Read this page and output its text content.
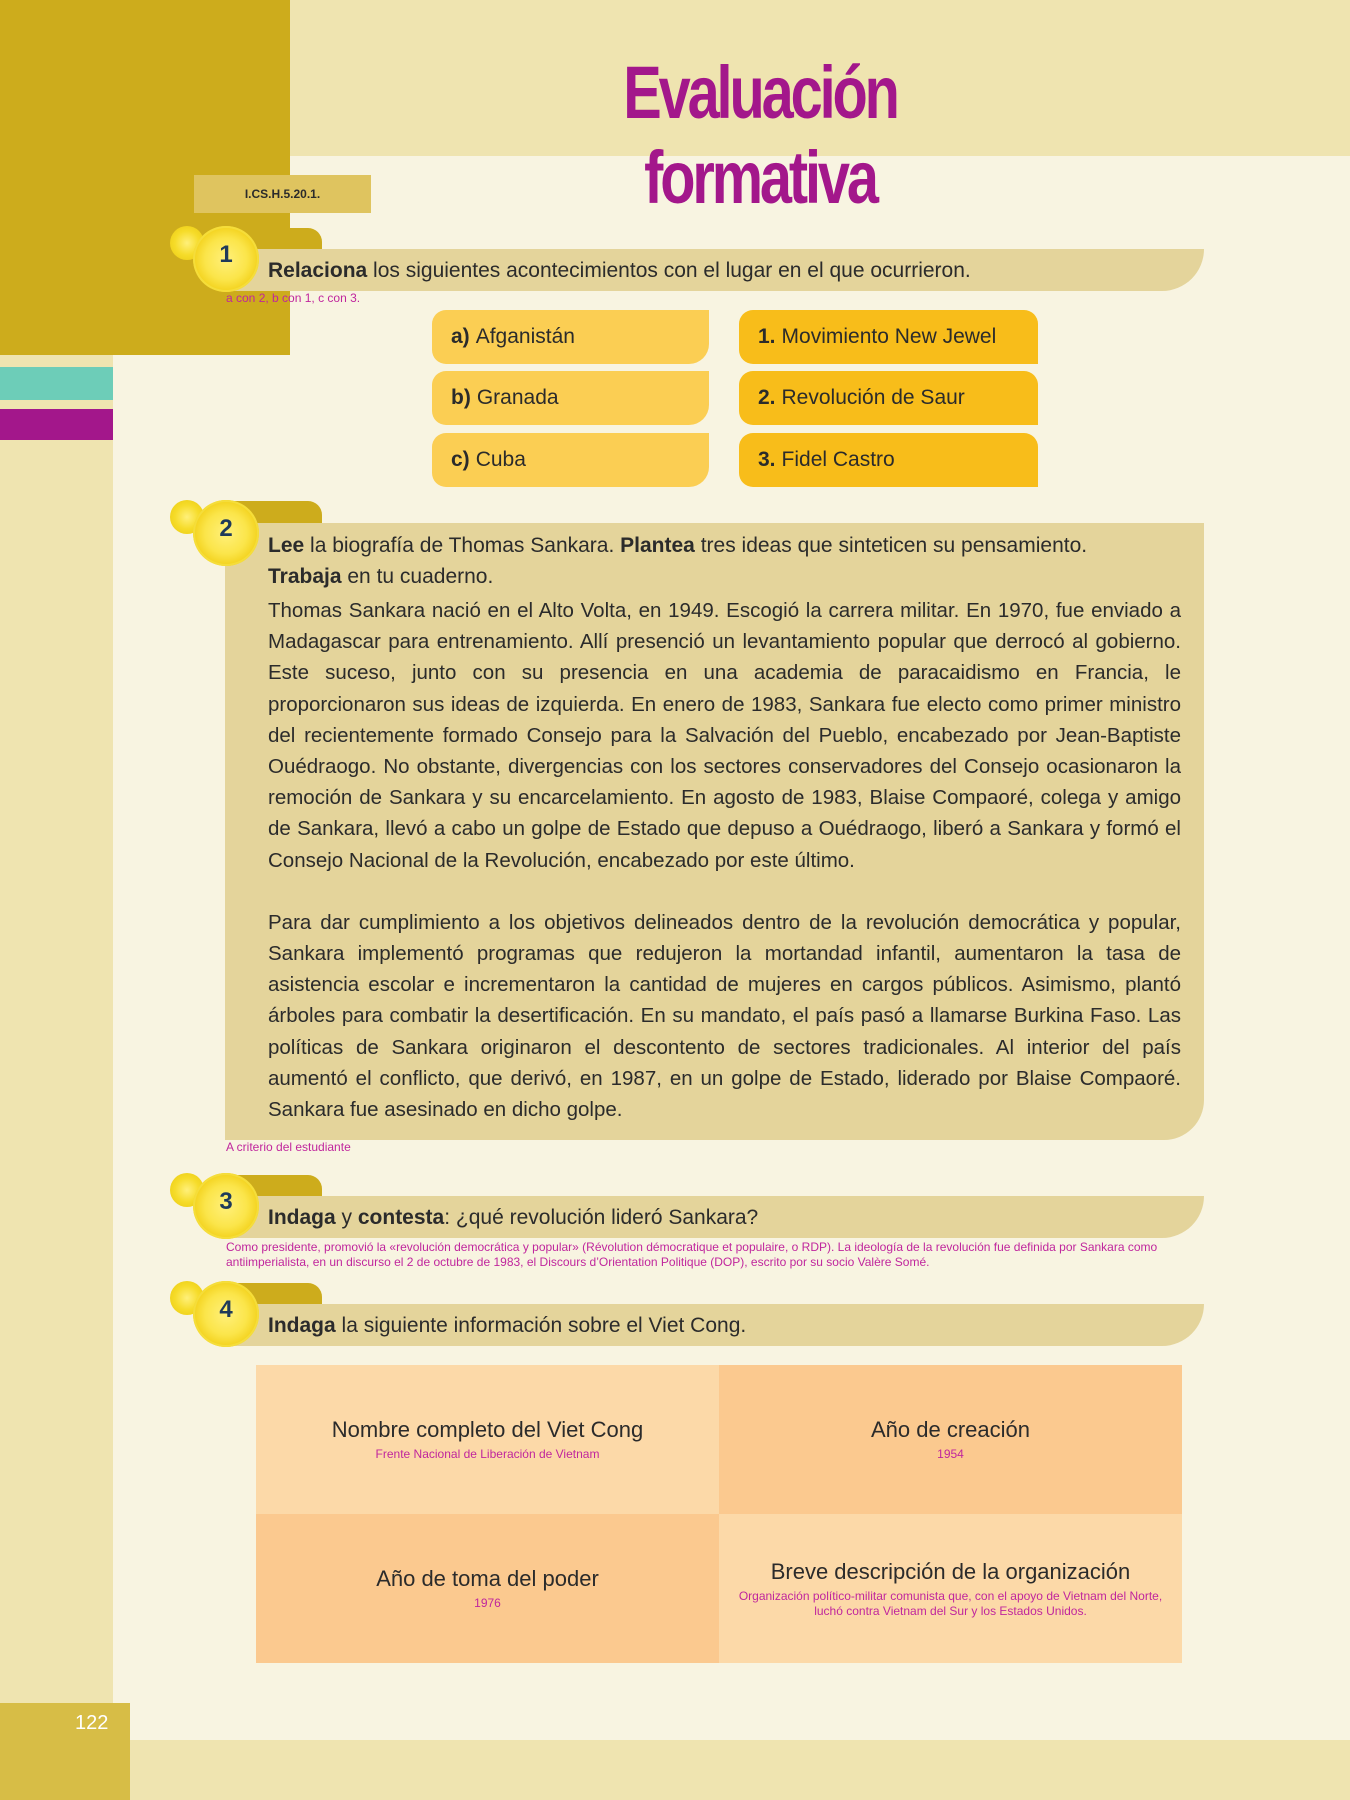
122
Evaluación formativa
I.CS.H.5.20.1.
1
Relaciona los siguientes acontecimientos con el lugar en el que ocurrieron.
a con 2, b con 1, c con 3.
a) Afganistán
b) Granada
c) Cuba
1. Movimiento New Jewel
2. Revolución de Saur
3. Fidel Castro
2
Lee la biografía de Thomas Sankara. Plantea tres ideas que sinteticen su pensamiento.
Trabaja en tu cuaderno.

Thomas Sankara nació en el Alto Volta, en 1949. Escogió la carrera militar. En 1970, fue enviado a Madagascar para entrenamiento. Allí presenció un levantamiento popular que derrocó al gobierno. Este suceso, junto con su presencia en una academia de paracaidismo en Francia, le proporcionaron sus ideas de izquierda. En enero de 1983, Sankara fue electo como primer ministro del recientemente formado Consejo para la Salvación del Pueblo, encabezado por Jean-Baptiste Ouédraogo. No obstante, divergencias con los sectores conservadores del Consejo ocasionaron la remoción de Sankara y su encarcelamiento. En agosto de 1983, Blaise Compaoré, colega y amigo de Sankara, llevó a cabo un golpe de Estado que depuso a Ouédraogo, liberó a Sankara y formó el Consejo Nacional de la Revolución, encabezado por este último.

Para dar cumplimiento a los objetivos delineados dentro de la revolución democrática y popular, Sankara implementó programas que redujeron la mortandad infantil, aumentaron la tasa de asistencia escolar e incrementaron la cantidad de mujeres en cargos públicos. Asimismo, plantó árboles para combatir la desertificación. En su mandato, el país pasó a llamarse Burkina Faso. Las políticas de Sankara originaron el descontento de sectores tradicionales. Al interior del país aumentó el conflicto, que derivó, en 1987, en un golpe de Estado, liderado por Blaise Compaoré. Sankara fue asesinado en dicho golpe.

A criterio del estudiante
3
Indaga y contesta: ¿qué revolución lideró Sankara?
Como presidente, promovió la «revolución democrática y popular» (Révolution démocratique et populaire, o RDP). La ideología de la revolución fue definida por Sankara como antiimperialista, en un discurso el 2 de octubre de 1983, el Discours d’Orientation Politique (DOP), escrito por su socio Valère Somé.
4
Indaga la siguiente información sobre el Viet Cong.
Nombre completo del Viet Cong
Frente Nacional de Liberación de Vietnam
Año de creación
1954
Año de toma del poder
1976
Breve descripción de la organización
Organización político-militar comunista que, con el apoyo de Vietnam del Norte, luchó contra Vietnam del Sur y los Estados Unidos.
